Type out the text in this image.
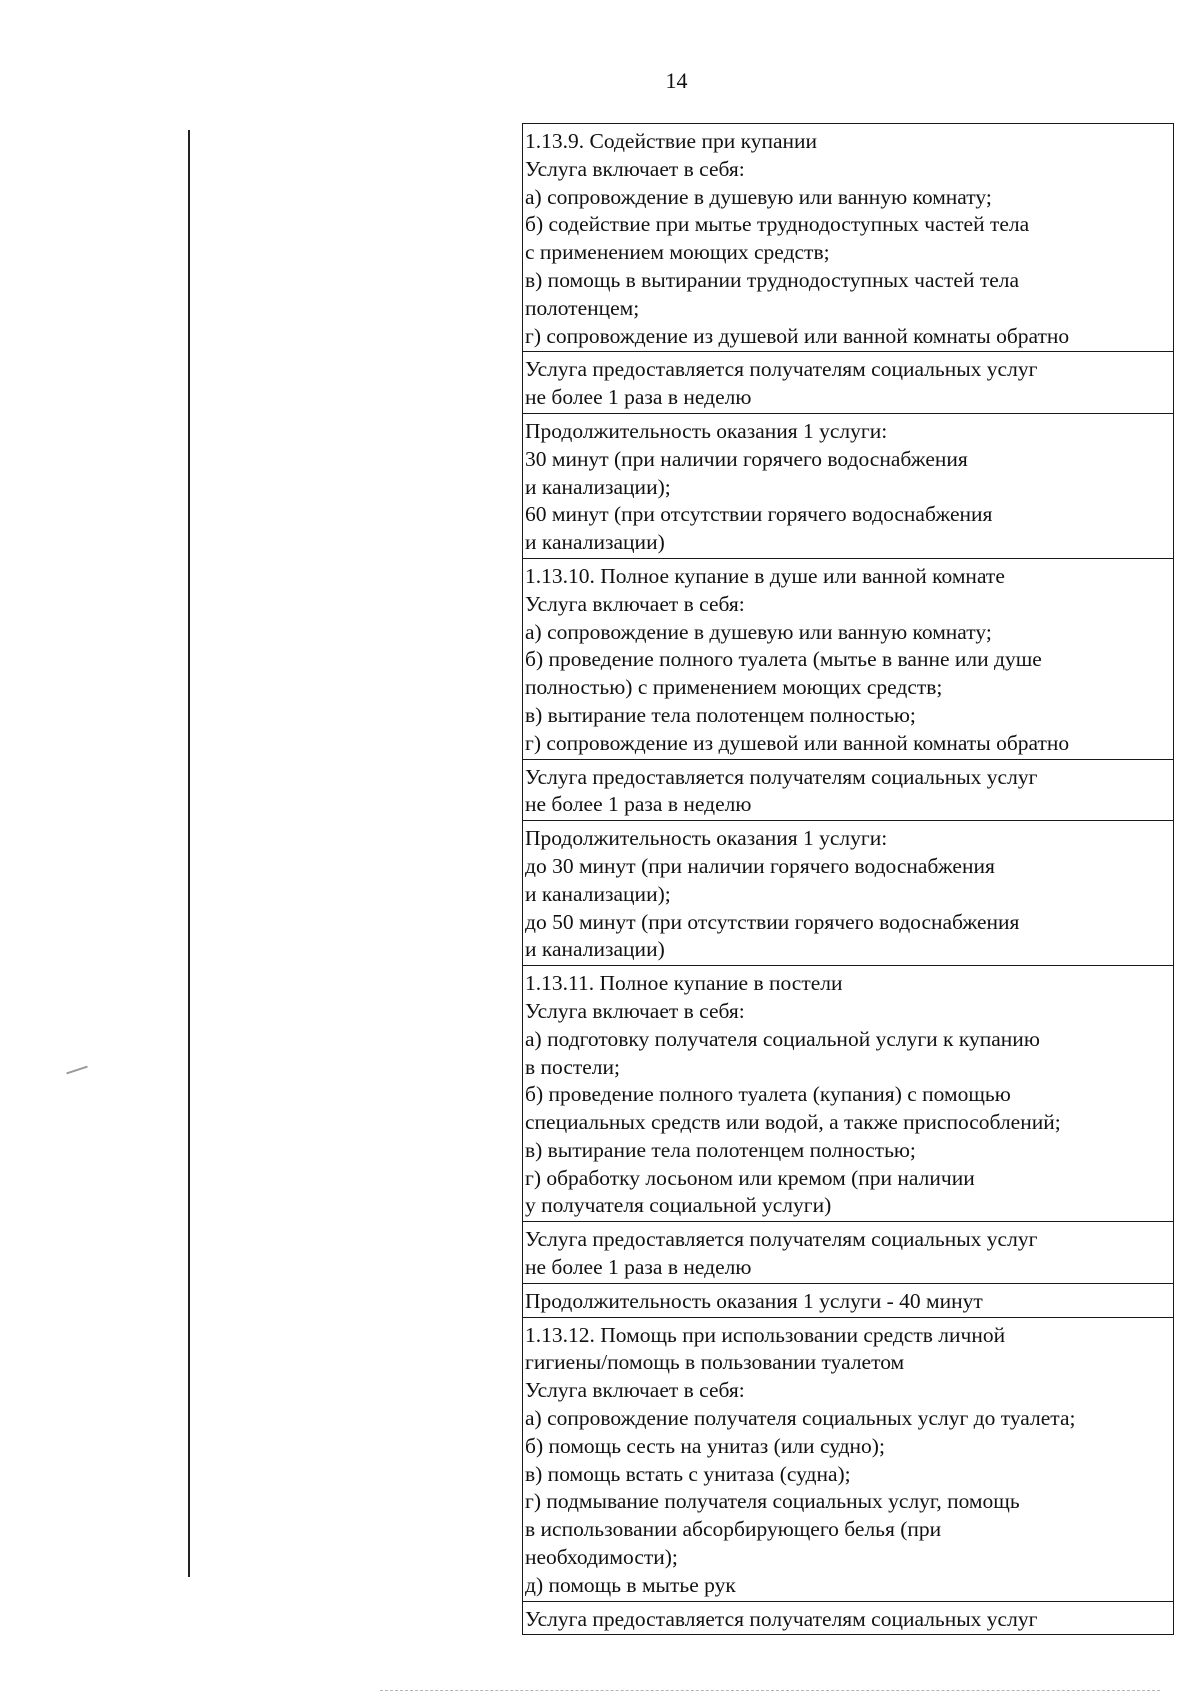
14
1.13.9. Содействие при купании
Услуга включает в себя:
а) сопровождение в душевую или ванную комнату;
б) содействие при мытье труднодоступных частей тела
с применением моющих средств;
в) помощь в вытирании труднодоступных частей тела
полотенцем;
г) сопровождение из душевой или ванной комнаты обратно
Услуга предоставляется получателям социальных услуг
не более 1 раза в неделю
Продолжительность оказания 1 услуги:
30 минут (при наличии горячего водоснабжения
и канализации);
60 минут (при отсутствии горячего водоснабжения
и канализации)
1.13.10. Полное купание в душе или ванной комнате
Услуга включает в себя:
а) сопровождение в душевую или ванную комнату;
б) проведение полного туалета (мытье в ванне или душе
полностью) с применением моющих средств;
в) вытирание тела полотенцем полностью;
г) сопровождение из душевой или ванной комнаты обратно
Услуга предоставляется получателям социальных услуг
не более 1 раза в неделю
Продолжительность оказания 1 услуги:
до 30 минут (при наличии горячего водоснабжения
и канализации);
до 50 минут (при отсутствии горячего водоснабжения
и канализации)
1.13.11. Полное купание в постели
Услуга включает в себя:
а) подготовку получателя социальной услуги к купанию
в постели;
б) проведение полного туалета (купания) с помощью
специальных средств или водой, а также приспособлений;
в) вытирание тела полотенцем полностью;
г) обработку лосьоном или кремом (при наличии
у получателя социальной услуги)
Услуга предоставляется получателям социальных услуг
не более 1 раза в неделю
Продолжительность оказания 1 услуги - 40 минут
1.13.12. Помощь при использовании средств личной
гигиены/помощь в пользовании туалетом
Услуга включает в себя:
а) сопровождение получателя социальных услуг до туалета;
б) помощь сесть на унитаз (или судно);
в) помощь встать с унитаза (судна);
г) подмывание получателя социальных услуг, помощь
в использовании абсорбирующего белья (при
необходимости);
д) помощь в мытье рук
Услуга предоставляется получателям социальных услуг
